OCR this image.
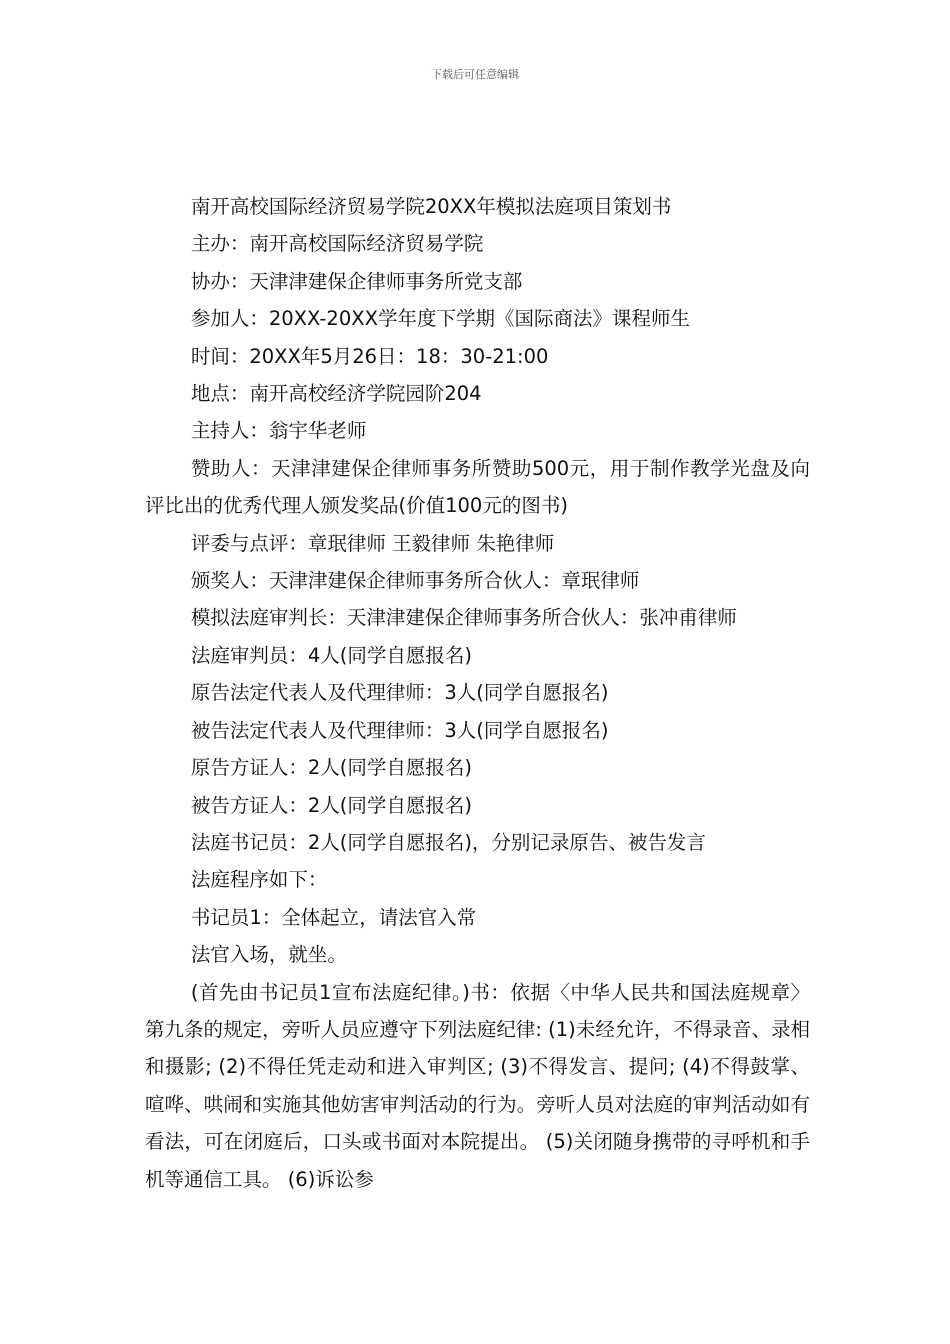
下载后可任意编辑

南开高校国际经济贸易学院20XX年模拟法庭项目策划书

主办：南开高校国际经济贸易学院

协办：天津津建保企律师事务所党支部

参加人：20XX-20XX学年度下学期《国际商法》课程师生

时间：20XX年5月26日：18：30-21:00

地点：南开高校经济学院园阶204

主持人：翁宇华老师

赞助人：天津津建保企律师事务所赞助500元，用于制作教学光盘及向评比出的优秀代理人颁发奖品(价值100元的图书)

评委与点评：章珉律师 王毅律师 朱艳律师

颁奖人：天津津建保企律师事务所合伙人：章珉律师

模拟法庭审判长：天津津建保企律师事务所合伙人：张冲甫律师

法庭审判员：4人(同学自愿报名)

原告法定代表人及代理律师：3人(同学自愿报名)

被告法定代表人及代理律师：3人(同学自愿报名)

原告方证人：2人(同学自愿报名)

被告方证人：2人(同学自愿报名)

法庭书记员：2人(同学自愿报名)，分别记录原告、被告发言

法庭程序如下：

书记员1：全体起立，请法官入常

法官入场，就坐。

(首先由书记员1宣布法庭纪律。)书：依据〈中华人民共和国法庭规章〉第九条的规定，旁听人员应遵守下列法庭纪律: (1)未经允许，不得录音、录相和摄影; (2)不得任凭走动和进入审判区; (3)不得发言、提问; (4)不得鼓掌、喧哗、哄闹和实施其他妨害审判活动的行为。旁听人员对法庭的审判活动如有看法，可在闭庭后，口头或书面对本院提出。 (5)关闭随身携带的寻呼机和手机等通信工具。 (6)诉讼参
